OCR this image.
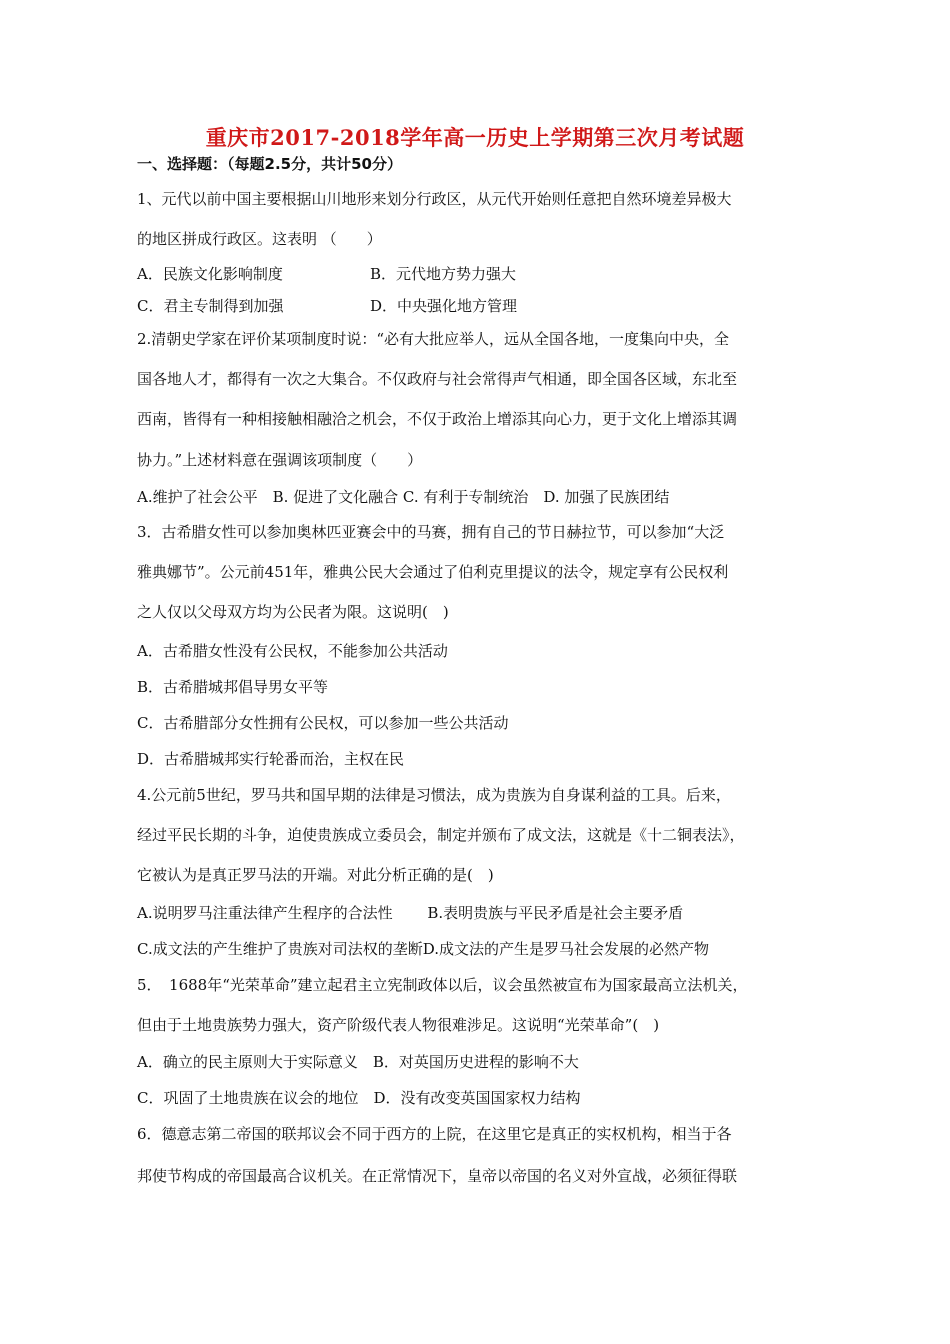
重庆市2017-2018学年高一历史上学期第三次月考试题
一、选择题：（每题2.5分，共计50分）
1、元代以前中国主要根据山川地形来划分行政区，从元代开始则任意把自然环境差异极大
的地区拼成行政区。这表明 （　　）
A．民族文化影响制度	B．元代地方势力强大
C．君主专制得到加强	D．中央强化地方管理
2.清朝史学家在评价某项制度时说：“必有大批应举人，远从全国各地，一度集向中央，全
国各地人才，都得有一次之大集合。不仅政府与社会常得声气相通，即全国各区域，东北至
西南，皆得有一种相接触相融洽之机会，不仅于政治上增添其向心力，更于文化上增添其调
协力。”上述材料意在强调该项制度（　　）
A.维护了社会公平　B. 促进了文化融合 C. 有利于专制统治　D. 加强了民族团结
3．古希腊女性可以参加奥林匹亚赛会中的马赛，拥有自己的节日赫拉节，可以参加“大泛
雅典娜节”。公元前451年，雅典公民大会通过了伯利克里提议的法令，规定享有公民权利
之人仅以父母双方均为公民者为限。这说明(　)
A．古希腊女性没有公民权，不能参加公共活动
B．古希腊城邦倡导男女平等
C．古希腊部分女性拥有公民权，可以参加一些公共活动
D．古希腊城邦实行轮番而治，主权在民
4.公元前5世纪，罗马共和国早期的法律是习惯法，成为贵族为自身谋利益的工具。后来，
经过平民长期的斗争，迫使贵族成立委员会，制定并颁布了成文法，这就是《十二铜表法》，
它被认为是真正罗马法的开端。对此分析正确的是(　)
A.说明罗马注重法律产生程序的合法性　　 B.表明贵族与平民矛盾是社会主要矛盾
C.成文法的产生维护了贵族对司法权的垄断D.成文法的产生是罗马社会发展的必然产物
5．　1688年“光荣革命”建立起君主立宪制政体以后，议会虽然被宣布为国家最高立法机关，
但由于土地贵族势力强大，资产阶级代表人物很难涉足。这说明“光荣革命”(　)
A．确立的民主原则大于实际意义　B．对英国历史进程的影响不大
C．巩固了土地贵族在议会的地位　D．没有改变英国国家权力结构
6．德意志第二帝国的联邦议会不同于西方的上院，在这里它是真正的实权机构，相当于各
邦使节构成的帝国最高合议机关。在正常情况下，皇帝以帝国的名义对外宣战，必须征得联
